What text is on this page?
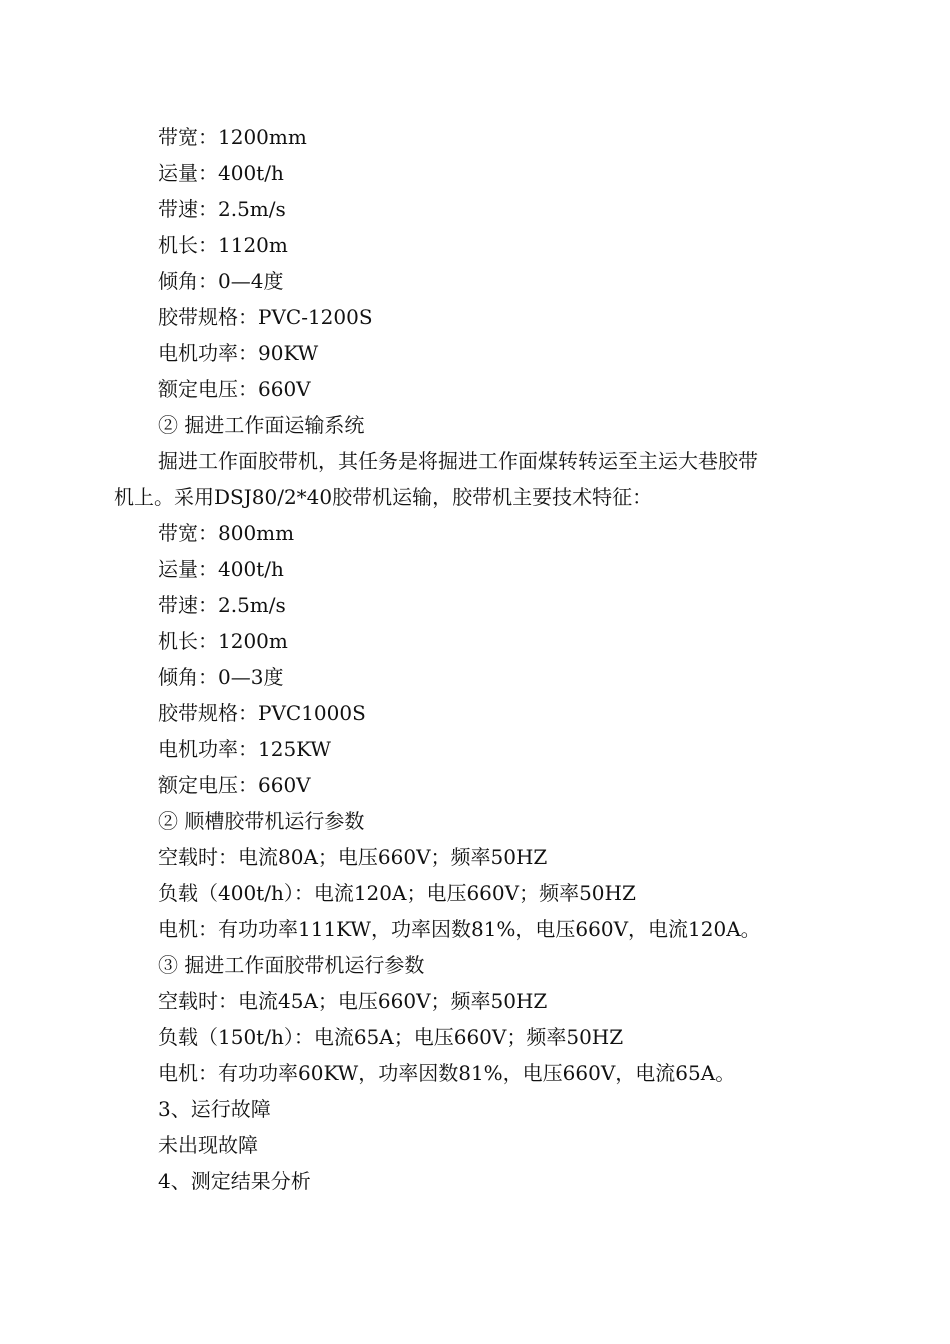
带宽：1200mm
运量：400t/h
带速：2.5m/s
机长：1120m
倾角：0—4度
胶带规格：PVC-1200S
电机功率：90KW
额定电压：660V
② 掘进工作面运输系统
掘进工作面胶带机，其任务是将掘进工作面煤转转运至主运大巷胶带
机上。采用DSJ80/2*40胶带机运输，胶带机主要技术特征：
带宽：800mm
运量：400t/h
带速：2.5m/s
机长：1200m
倾角：0—3度
胶带规格：PVC1000S
电机功率：125KW
额定电压：660V
② 顺槽胶带机运行参数
空载时：电流80A；电压660V；频率50HZ
负载（400t/h）：电流120A；电压660V；频率50HZ
电机：有功功率111KW，功率因数81%，电压660V，电流120A。
③ 掘进工作面胶带机运行参数
空载时：电流45A；电压660V；频率50HZ
负载（150t/h）：电流65A；电压660V；频率50HZ
电机：有功功率60KW，功率因数81%，电压660V，电流65A。
3、运行故障
未出现故障
4、测定结果分析
